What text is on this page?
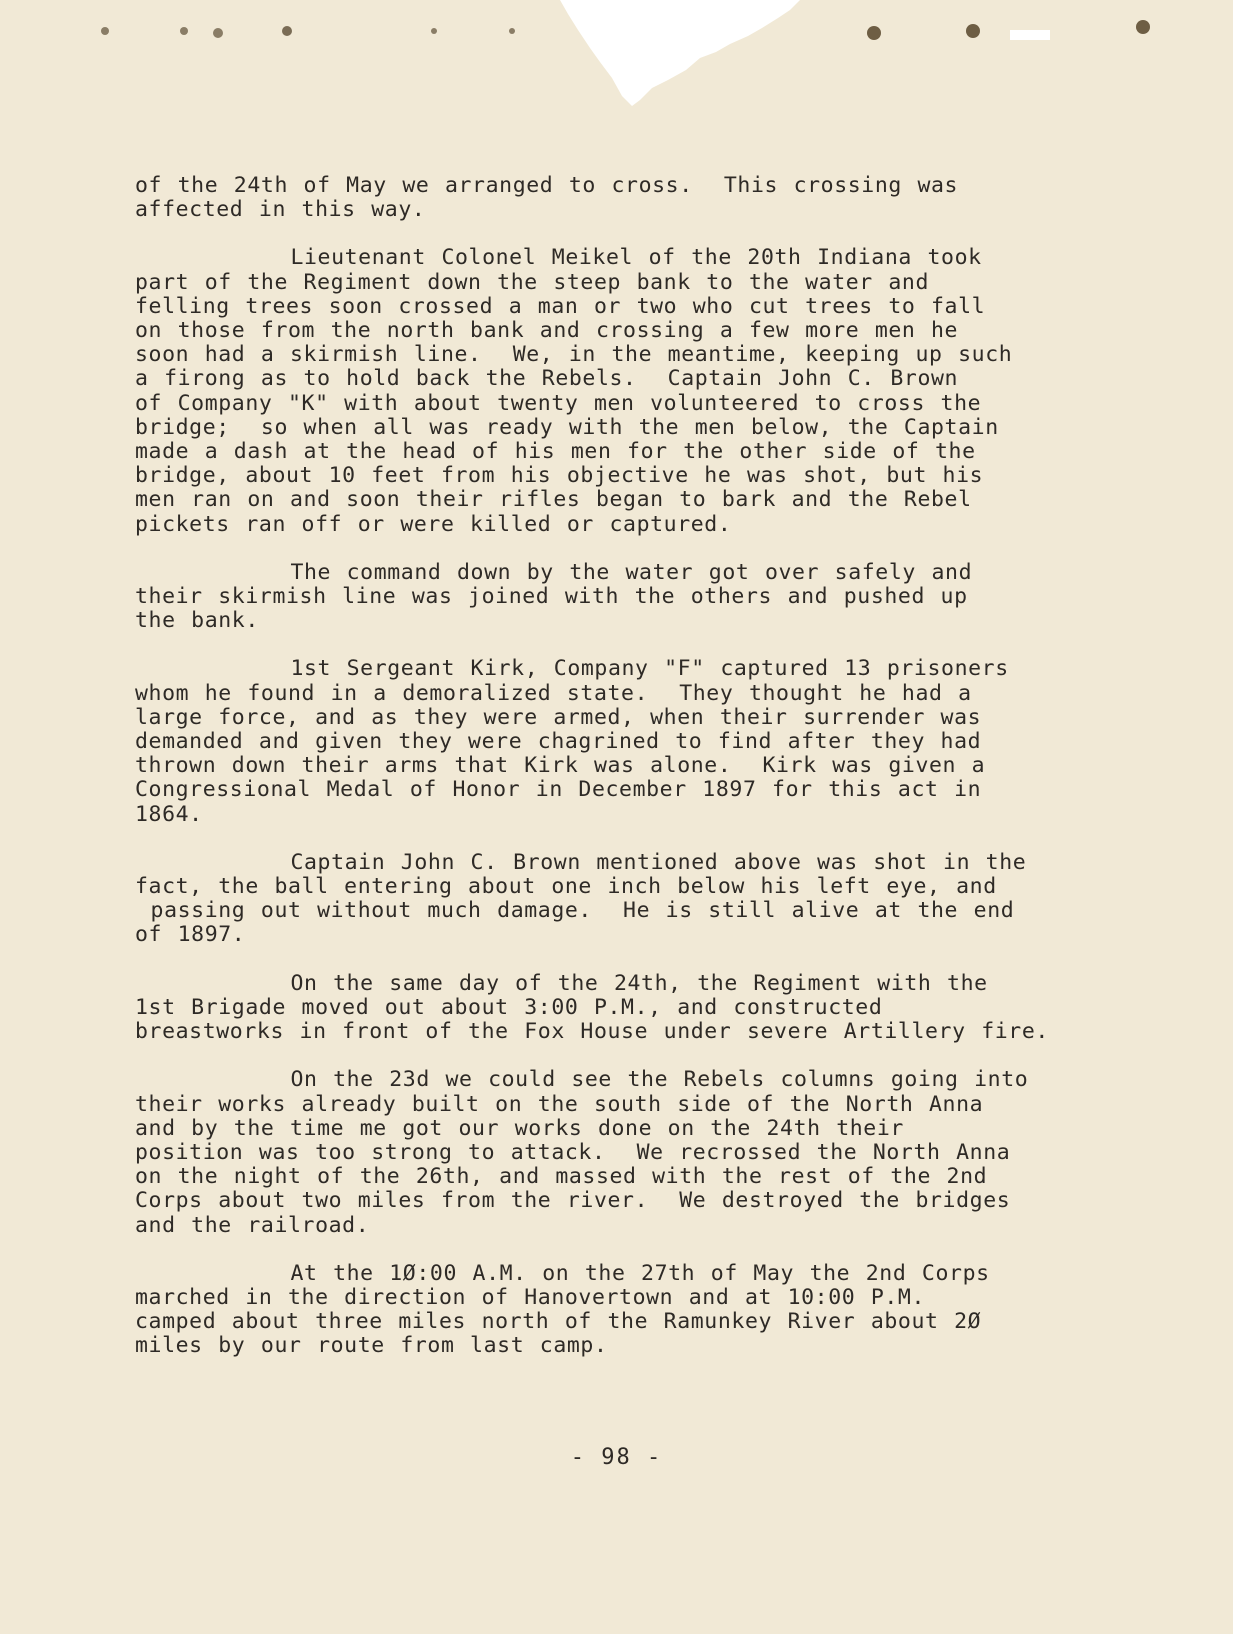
of the 24th of May we arranged to cross.  This crossing was
affected in this way.

Lieutenant Colonel Meikel of the 20th Indiana took
part of the Regiment down the steep bank to the water and
felling trees soon crossed a man or two who cut trees to fall
on those from the north bank and crossing a few more men he
soon had a skirmish line.  We, in the meantime, keeping up such
a firong as to hold back the Rebels.  Captain John C. Brown
of Company "K" with about twenty men volunteered to cross the
bridge;  so when all was ready with the men below, the Captain
made a dash at the head of his men for the other side of the
bridge, about 10 feet from his objective he was shot, but his
men ran on and soon their rifles began to bark and the Rebel
pickets ran off or were killed or captured.

The command down by the water got over safely and
their skirmish line was joined with the others and pushed up
the bank.

1st Sergeant Kirk, Company "F" captured 13 prisoners
whom he found in a demoralized state.  They thought he had a
large force, and as they were armed, when their surrender was
demanded and given they were chagrined to find after they had
thrown down their arms that Kirk was alone.  Kirk was given a
Congressional Medal of Honor in December 1897 for this act in
1864.

Captain John C. Brown mentioned above was shot in the
fact, the ball entering about one inch below his left eye, and
passing out without much damage.  He is still alive at the end
of 1897.

On the same day of the 24th, the Regiment with the
1st Brigade moved out about 3:00 P.M., and constructed
breastworks in front of the Fox House under severe Artillery fire.

On the 23d we could see the Rebels columns going into
their works already built on the south side of the North Anna
and by the time me got our works done on the 24th their
position was too strong to attack.  We recrossed the North Anna
on the night of the 26th, and massed with the rest of the 2nd
Corps about two miles from the river.  We destroyed the bridges
and the railroad.

At the 1Ø:00 A.M. on the 27th of May the 2nd Corps
marched in the direction of Hanovertown and at 10:00 P.M.
camped about three miles north of the Ramunkey River about 2Ø
miles by our route from last camp.

- 98 -
